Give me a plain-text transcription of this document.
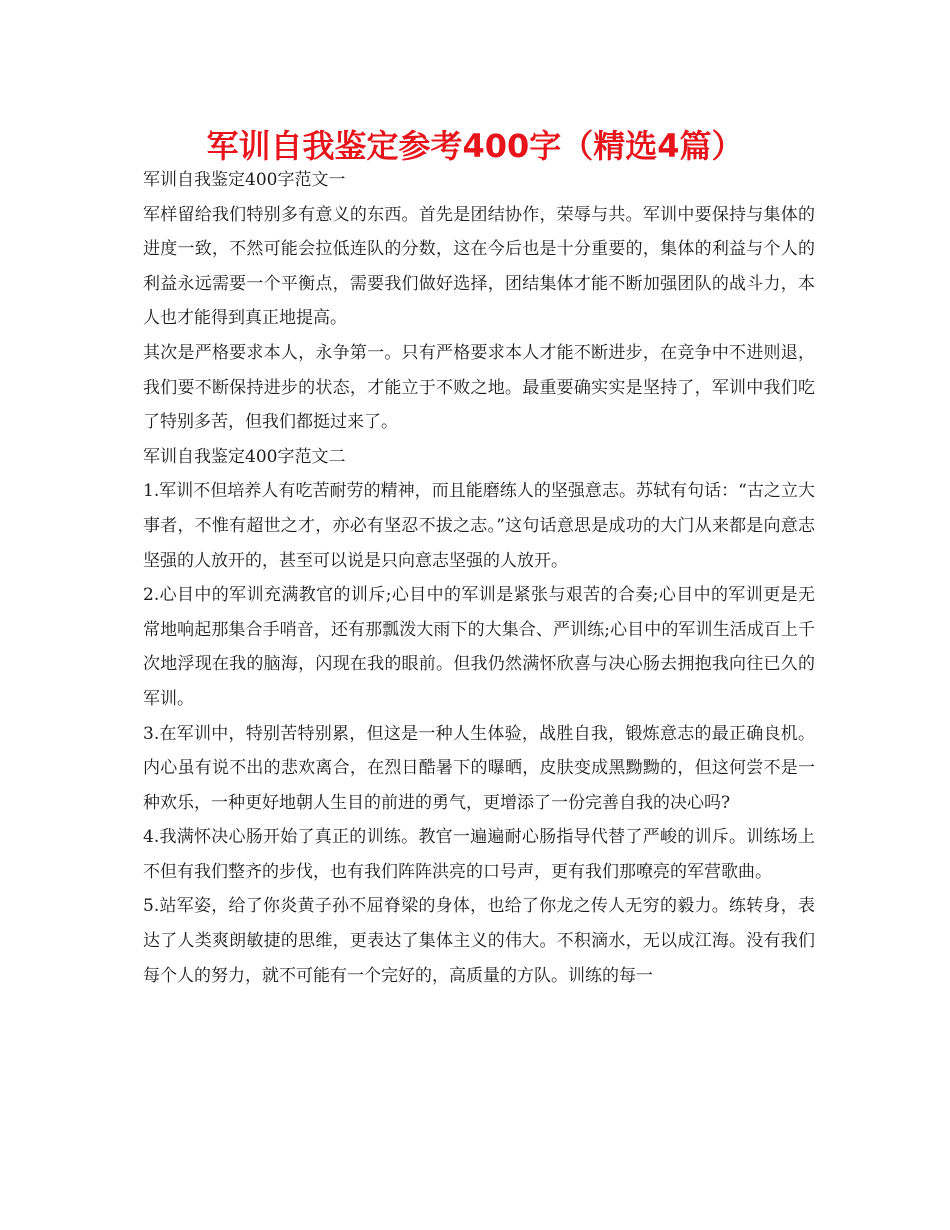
军训自我鉴定参考400字（精选4篇）

军训自我鉴定400字范文一

军样留给我们特别多有意义的东西。首先是团结协作，荣辱与共。军训中要保持与集体的进度一致，不然可能会拉低连队的分数，这在今后也是十分重要的，集体的利益与个人的利益永远需要一个平衡点，需要我们做好选择，团结集体才能不断加强团队的战斗力，本人也才能得到真正地提高。

其次是严格要求本人，永争第一。只有严格要求本人才能不断进步，在竞争中不进则退，我们要不断保持进步的状态，才能立于不败之地。最重要确实实是坚持了，军训中我们吃了特别多苦，但我们都挺过来了。

军训自我鉴定400字范文二

1.军训不但培养人有吃苦耐劳的精神，而且能磨练人的坚强意志。苏轼有句话：“古之立大事者，不惟有超世之才，亦必有坚忍不拔之志。”这句话意思是成功的大门从来都是向意志坚强的人放开的，甚至可以说是只向意志坚强的人放开。

2.心目中的军训充满教官的训斥;心目中的军训是紧张与艰苦的合奏;心目中的军训更是无常地响起那集合手哨音，还有那瓢泼大雨下的大集合、严训练;心目中的军训生活成百上千次地浮现在我的脑海，闪现在我的眼前。但我仍然满怀欣喜与决心肠去拥抱我向往已久的军训。

3.在军训中，特别苦特别累，但这是一种人生体验，战胜自我，锻炼意志的最正确良机。内心虽有说不出的悲欢离合，在烈日酷暑下的曝晒，皮肤变成黑黝黝的，但这何尝不是一种欢乐，一种更好地朝人生目的前进的勇气，更增添了一份完善自我的决心吗?

4.我满怀决心肠开始了真正的训练。教官一遍遍耐心肠指导代替了严峻的训斥。训练场上不但有我们整齐的步伐，也有我们阵阵洪亮的口号声，更有我们那嘹亮的军营歌曲。

5.站军姿，给了你炎黄子孙不屈脊梁的身体，也给了你龙之传人无穷的毅力。练转身，表达了人类爽朗敏捷的思维，更表达了集体主义的伟大。不积滴水，无以成江海。没有我们每个人的努力，就不可能有一个完好的，高质量的方队。训练的每一
